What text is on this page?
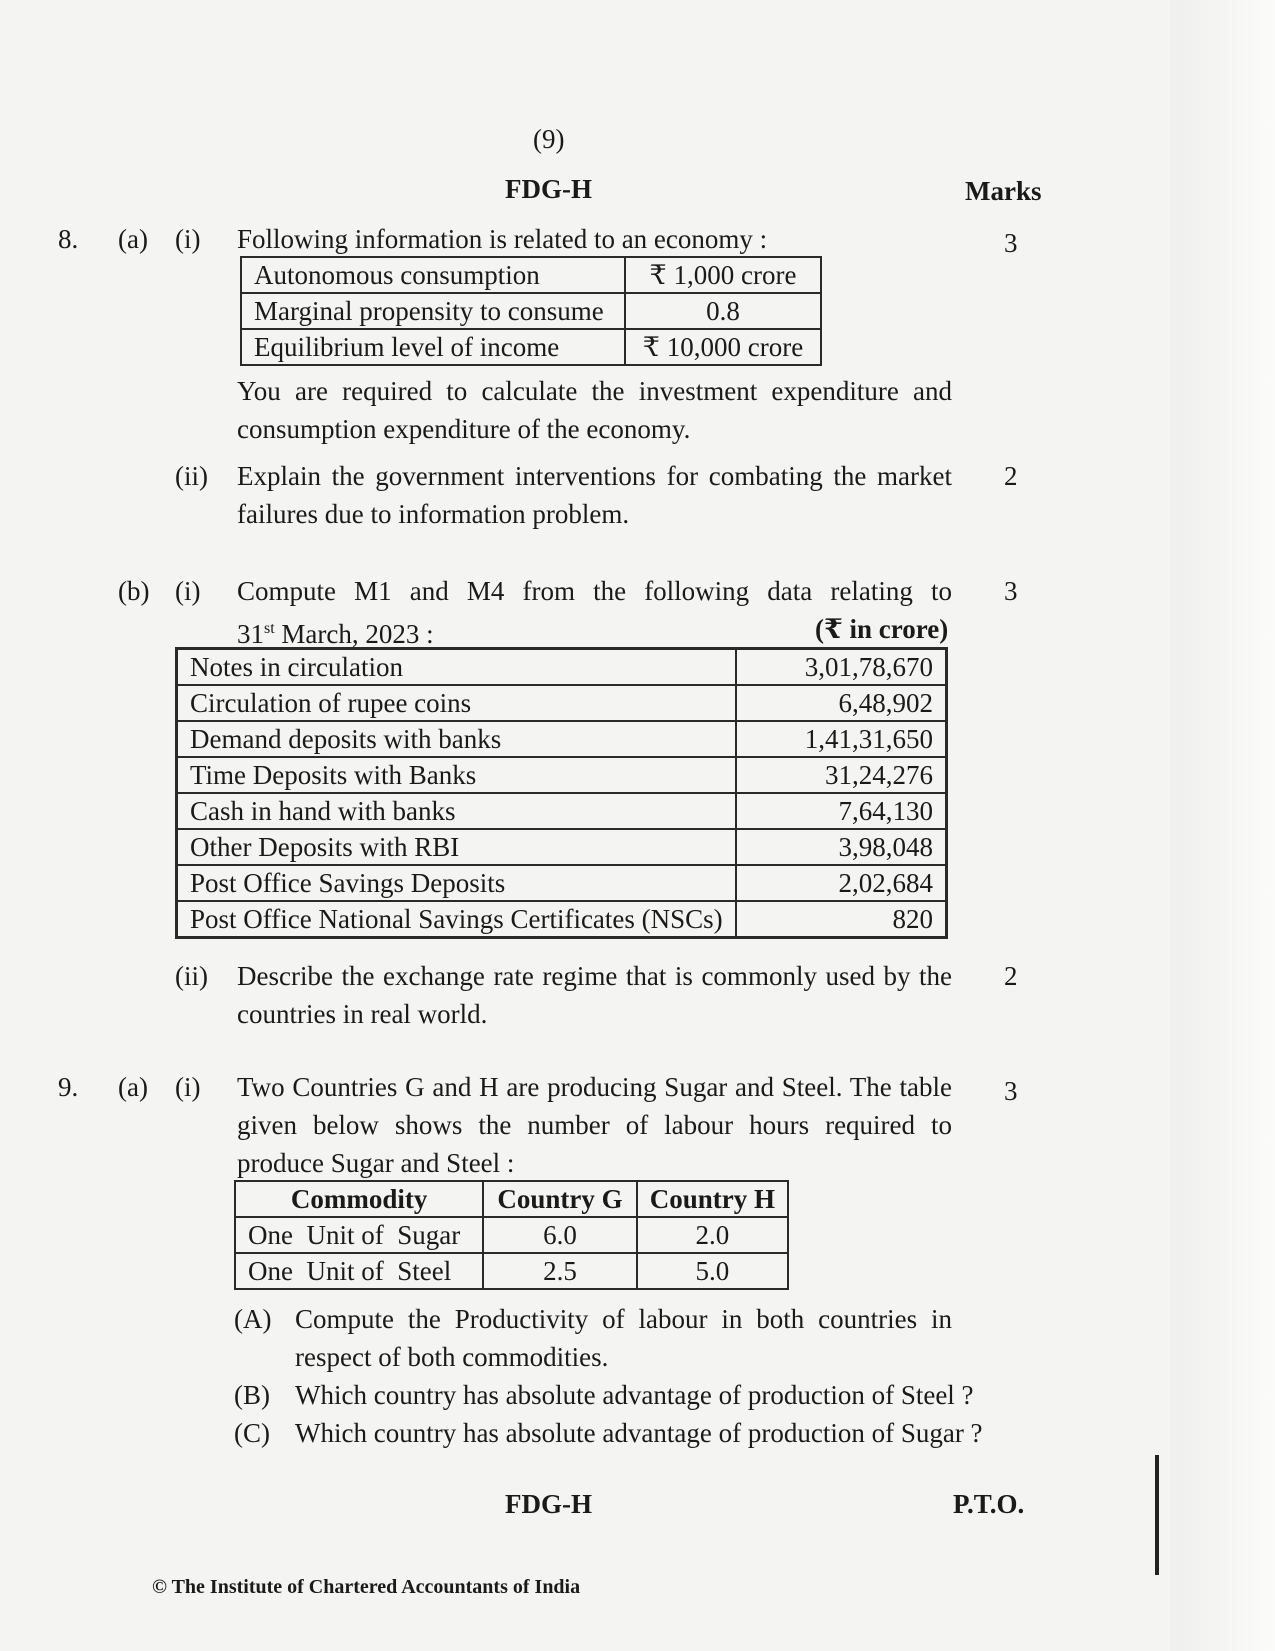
(9)
FDG-H	Marks
8. (a) (i) Following information is related to an economy :	3
Autonomous consumption	₹ 1,000 crore
Marginal propensity to consume	0.8
Equilibrium level of income	₹ 10,000 crore
You are required to calculate the investment expenditure and
consumption expenditure of the economy.
(ii) Explain the government interventions for combating the market 2
failures due to information problem.
(b) (i) Compute M1 and M4 from the following data relating to 3
31st March, 2023 :	(₹ in crore)
Notes in circulation	3,01,78,670
Circulation of rupee coins	6,48,902
Demand deposits with banks	1,41,31,650
Time Deposits with Banks	31,24,276
Cash in hand with banks	7,64,130
Other Deposits with RBI	3,98,048
Post Office Savings Deposits	2,02,684
Post Office National Savings Certificates (NSCs)	820
(ii) Describe the exchange rate regime that is commonly used by the 2
countries in real world.
9. (a) (i) Two Countries G and H are producing Sugar and Steel. The table 3
given below shows the number of labour hours required to
produce Sugar and Steel :
Commodity	Country G	Country H
One  Unit of  Sugar	6.0	2.0
One  Unit of  Steel	2.5	5.0
(A) Compute the Productivity of labour in both countries in
respect of both commodities.
(B) Which country has absolute advantage of production of Steel ?
(C) Which country has absolute advantage of production of Sugar ?
FDG-H	P.T.O.
© The Institute of Chartered Accountants of India
